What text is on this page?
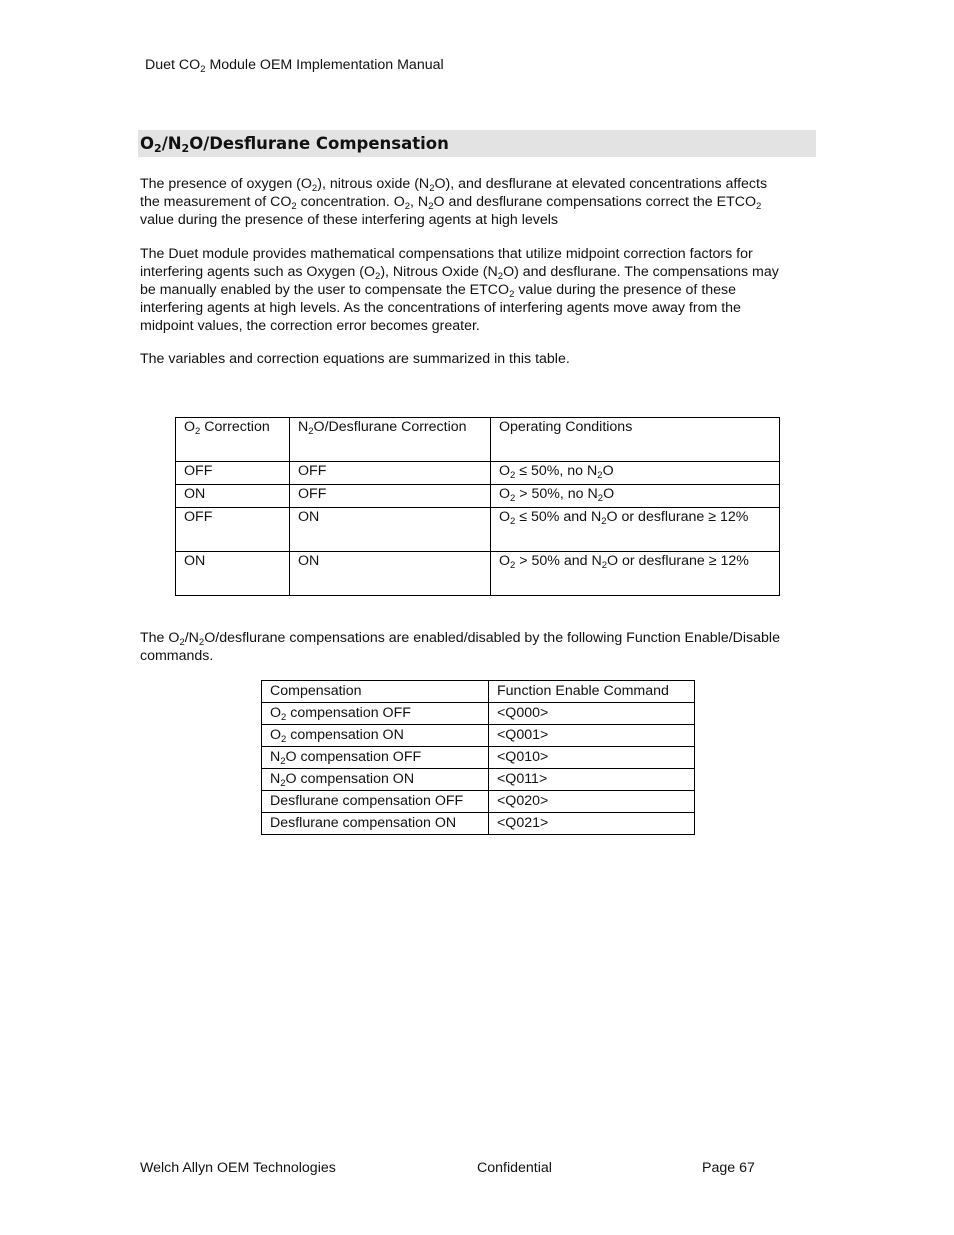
Duet $CO_2$ Module OEM Implementation Manual
$O_2/N_2O$/Desflurane Compensation
The presence of oxygen $(O_2)$, nitrous oxide $(N_2O)$, and desflurane at elevated concentrations affects
the measurement of $CO_2$ concentration. $O_2$, $N_2O$ and desflurane compensations correct the $ETCO_2$
value during the presence of these interfering agents at high levels
The Duet module provides mathematical compensations that utilize midpoint correction factors for
interfering agents such as Oxygen $(O_2)$, Nitrous Oxide $(N_2O)$ and desflurane. The compensations may
be manually enabled by the user to compensate the $ETCO_2$ value during the presence of these
interfering agents at high levels. As the concentrations of interfering agents move away from the
midpoint values, the correction error becomes greater.
The variables and correction equations are summarized in this table.
$O_2$ Correction	$N_2O$/Desflurane Correction	Operating Conditions
OFF	OFF	$O_2 \le 50\%$, no $N_2O$
ON	OFF	$O_2 > 50\%$, no $N_2O$
OFF	ON	$O_2 \le 50\%$ and $N_2O$ or desflurane ≥ 12%
ON	ON	$O_2 > 50\%$ and $N_2O$ or desflurane ≥ 12%
The $O_2/N_2O$/desflurane compensations are enabled/disabled by the following Function Enable/Disable
commands.
Compensation	Function Enable Command
$O_2$ compensation OFF	<Q000>
$O_2$ compensation ON	<Q001>
$N_2O$ compensation OFF	<Q010>
$N_2O$ compensation ON	<Q011>
Desflurane compensation OFF	<Q020>
Desflurane compensation ON	<Q021>
Welch Allyn OEM Technologies	Confidential	Page 67
